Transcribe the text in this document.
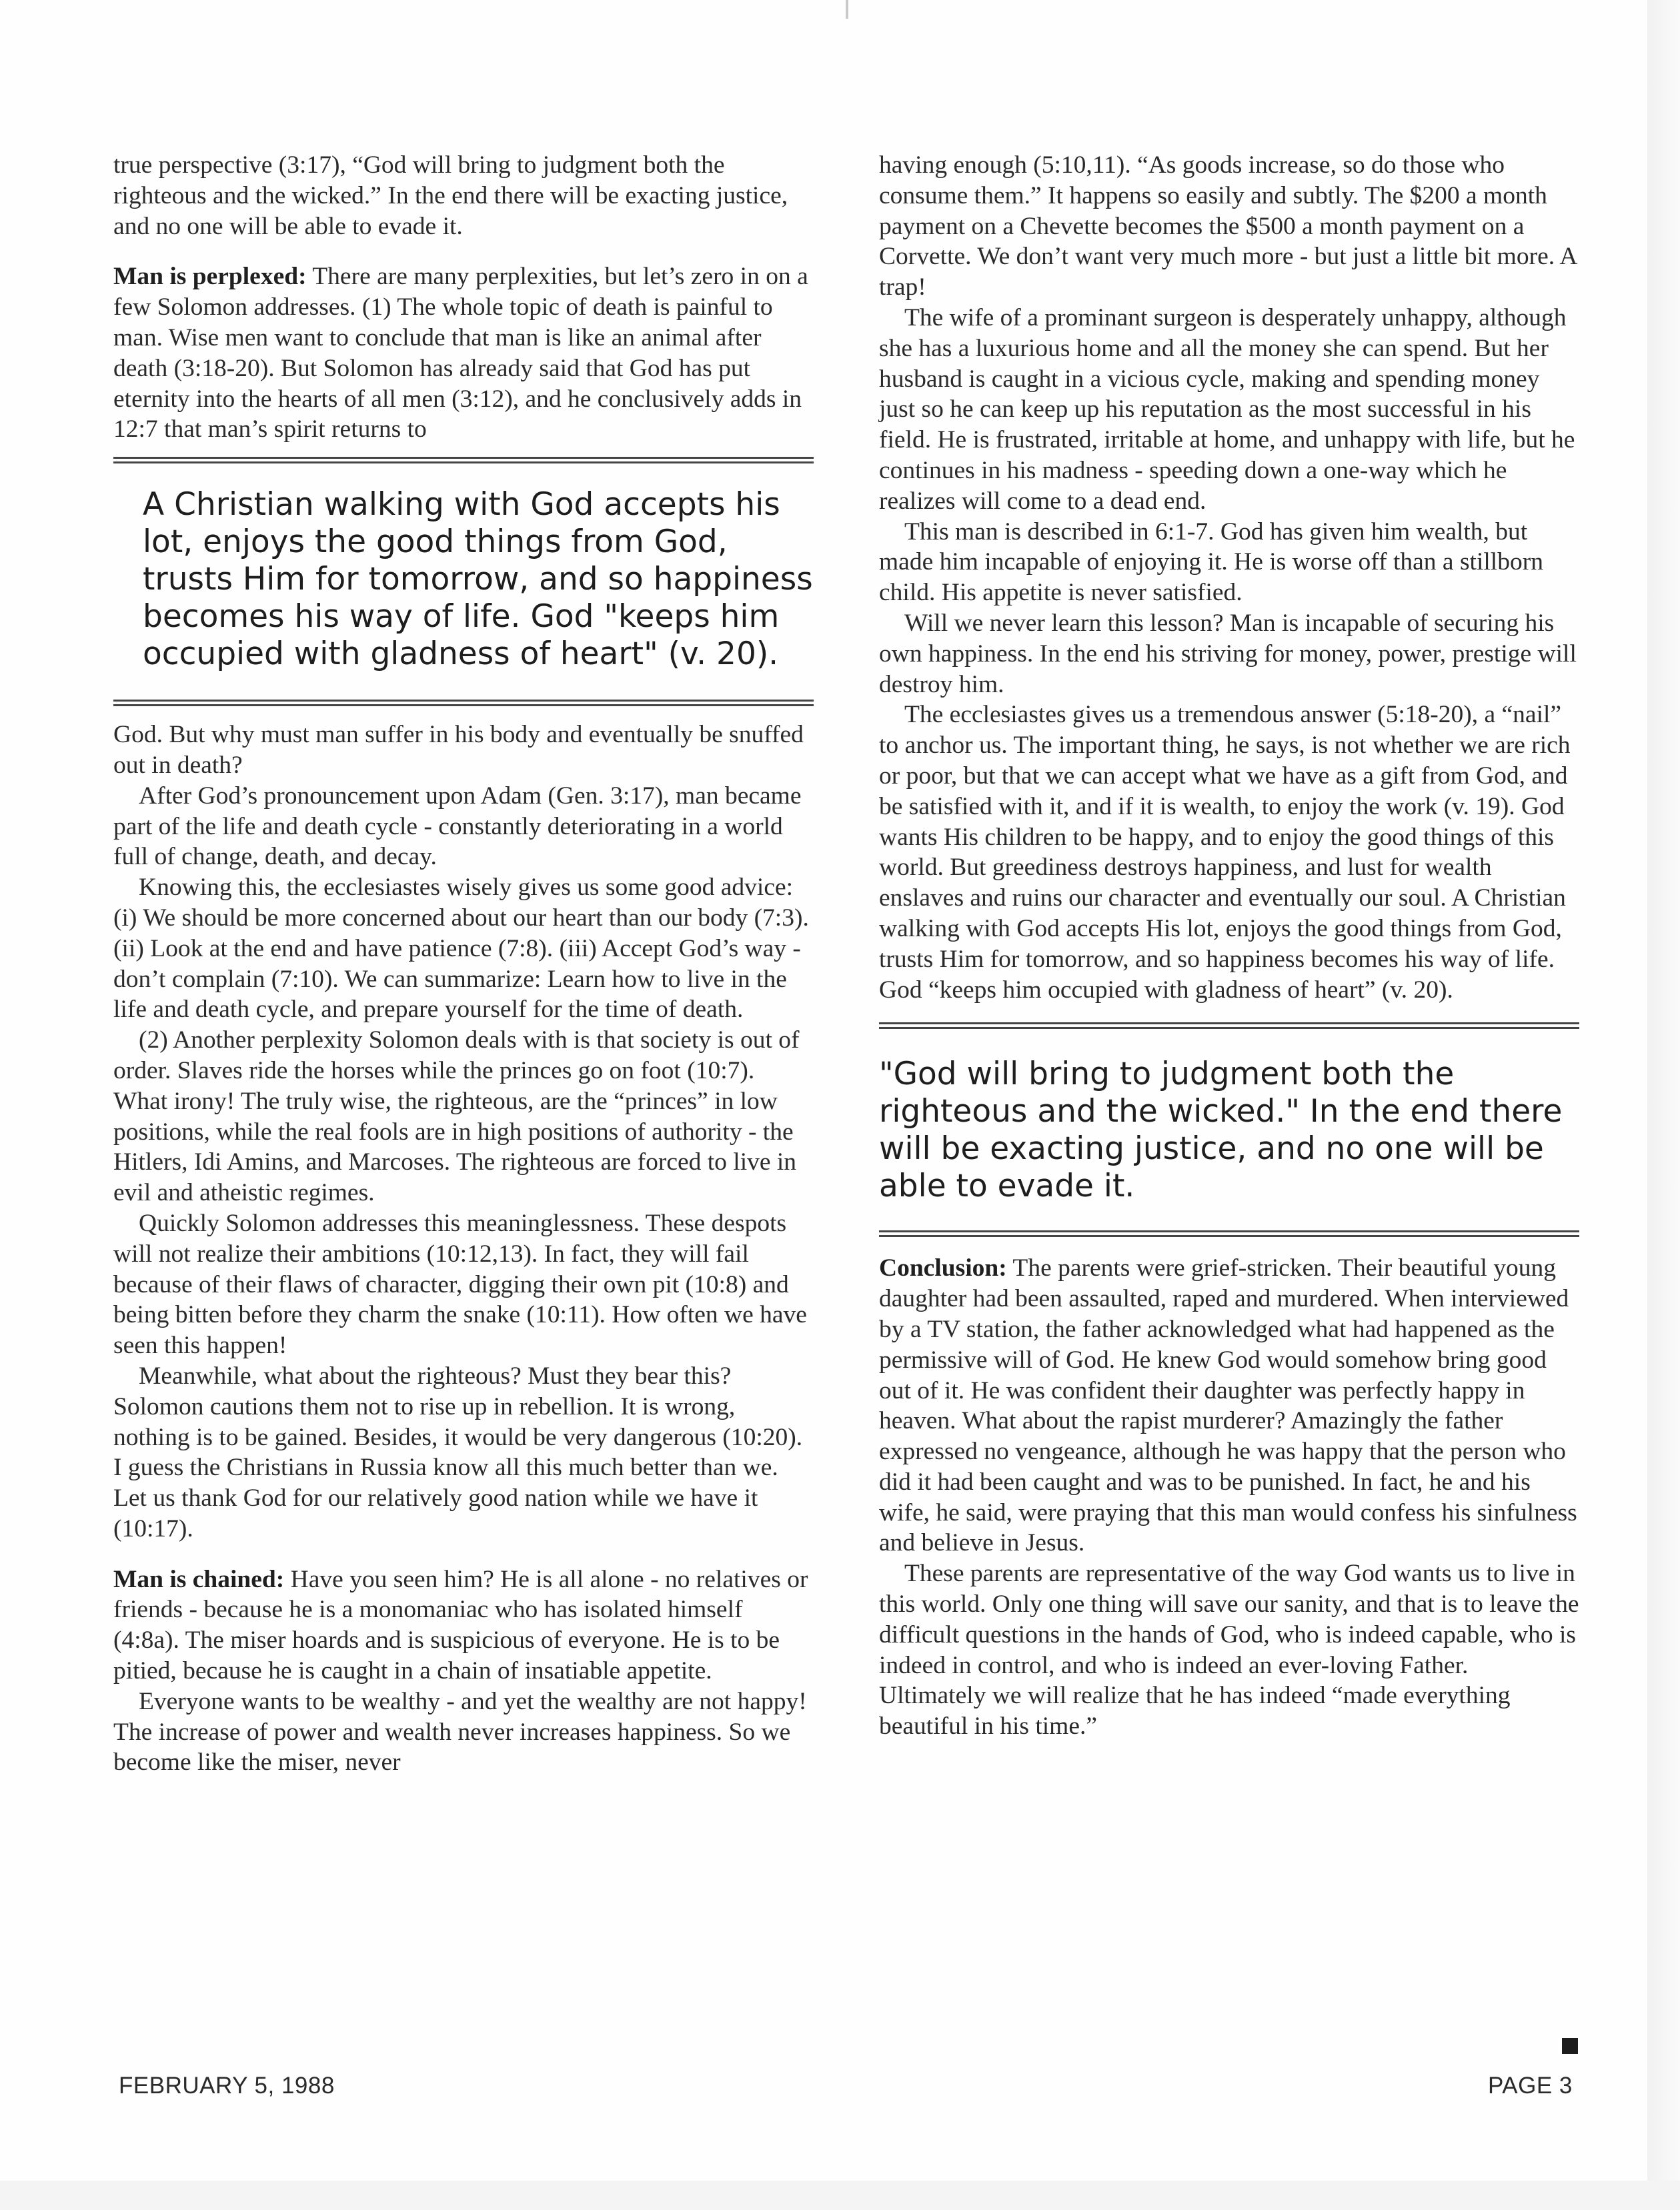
true perspective (3:17), “God will bring to judgment both the righteous and the wicked.” In the end there will be exacting justice, and no one will be able to evade it.

Man is perplexed: There are many perplexities, but let’s zero in on a few Solomon addresses. (1) The whole topic of death is painful to man. Wise men want to conclude that man is like an animal after death (3:18-20). But Solomon has already said that God has put eternity into the hearts of all men (3:12), and he conclusively adds in 12:7 that man’s spirit returns to

A Christian walking with God accepts his lot, enjoys the good things from God, trusts Him for tomorrow, and so happiness becomes his way of life. God "keeps him occupied with gladness of heart" (v. 20).

God. But why must man suffer in his body and eventually be snuffed out in death?

After God’s pronouncement upon Adam (Gen. 3:17), man became part of the life and death cycle - constantly deteriorating in a world full of change, death, and decay.

Knowing this, the ecclesiastes wisely gives us some good advice: (i) We should be more concerned about our heart than our body (7:3). (ii) Look at the end and have patience (7:8). (iii) Accept God’s way - don’t complain (7:10). We can summarize: Learn how to live in the life and death cycle, and prepare yourself for the time of death.

(2) Another perplexity Solomon deals with is that society is out of order. Slaves ride the horses while the princes go on foot (10:7). What irony! The truly wise, the righteous, are the “princes” in low positions, while the real fools are in high positions of authority - the Hitlers, Idi Amins, and Marcoses. The righteous are forced to live in evil and atheistic regimes.

Quickly Solomon addresses this meaninglessness. These despots will not realize their ambitions (10:12,13). In fact, they will fail because of their flaws of character, digging their own pit (10:8) and being bitten before they charm the snake (10:11). How often we have seen this happen!

Meanwhile, what about the righteous? Must they bear this? Solomon cautions them not to rise up in rebellion. It is wrong, nothing is to be gained. Besides, it would be very dangerous (10:20). I guess the Christians in Russia know all this much better than we. Let us thank God for our relatively good nation while we have it (10:17).

Man is chained: Have you seen him? He is all alone - no relatives or friends - because he is a monomaniac who has isolated himself (4:8a). The miser hoards and is suspicious of everyone. He is to be pitied, because he is caught in a chain of insatiable appetite.

Everyone wants to be wealthy - and yet the wealthy are not happy! The increase of power and wealth never increases happiness. So we become like the miser, never

having enough (5:10,11). “As goods increase, so do those who consume them.” It happens so easily and subtly. The $200 a month payment on a Chevette becomes the $500 a month payment on a Corvette. We don’t want very much more - but just a little bit more. A trap!

The wife of a prominant surgeon is desperately unhappy, although she has a luxurious home and all the money she can spend. But her husband is caught in a vicious cycle, making and spending money just so he can keep up his reputation as the most successful in his field. He is frustrated, irritable at home, and unhappy with life, but he continues in his madness - speeding down a one-way which he realizes will come to a dead end.

This man is described in 6:1-7. God has given him wealth, but made him incapable of enjoying it. He is worse off than a stillborn child. His appetite is never satisfied.

Will we never learn this lesson? Man is incapable of securing his own happiness. In the end his striving for money, power, prestige will destroy him.

The ecclesiastes gives us a tremendous answer (5:18-20), a “nail” to anchor us. The important thing, he says, is not whether we are rich or poor, but that we can accept what we have as a gift from God, and be satisfied with it, and if it is wealth, to enjoy the work (v. 19). God wants His children to be happy, and to enjoy the good things of this world. But greediness destroys happiness, and lust for wealth enslaves and ruins our character and eventually our soul. A Christian walking with God accepts His lot, enjoys the good things from God, trusts Him for tomorrow, and so happiness becomes his way of life. God “keeps him occupied with gladness of heart” (v. 20).

"God will bring to judgment both the righteous and the wicked." In the end there will be exacting justice, and no one will be able to evade it.

Conclusion: The parents were grief-stricken. Their beautiful young daughter had been assaulted, raped and murdered. When interviewed by a TV station, the father acknowledged what had happened as the permissive will of God. He knew God would somehow bring good out of it. He was confident their daughter was perfectly happy in heaven. What about the rapist murderer? Amazingly the father expressed no vengeance, although he was happy that the person who did it had been caught and was to be punished. In fact, he and his wife, he said, were praying that this man would confess his sinfulness and believe in Jesus.

These parents are representative of the way God wants us to live in this world. Only one thing will save our sanity, and that is to leave the difficult questions in the hands of God, who is indeed capable, who is indeed in control, and who is indeed an ever-loving Father. Ultimately we will realize that he has indeed “made everything beautiful in his time.”

FEBRUARY 5, 1988	PAGE 3
